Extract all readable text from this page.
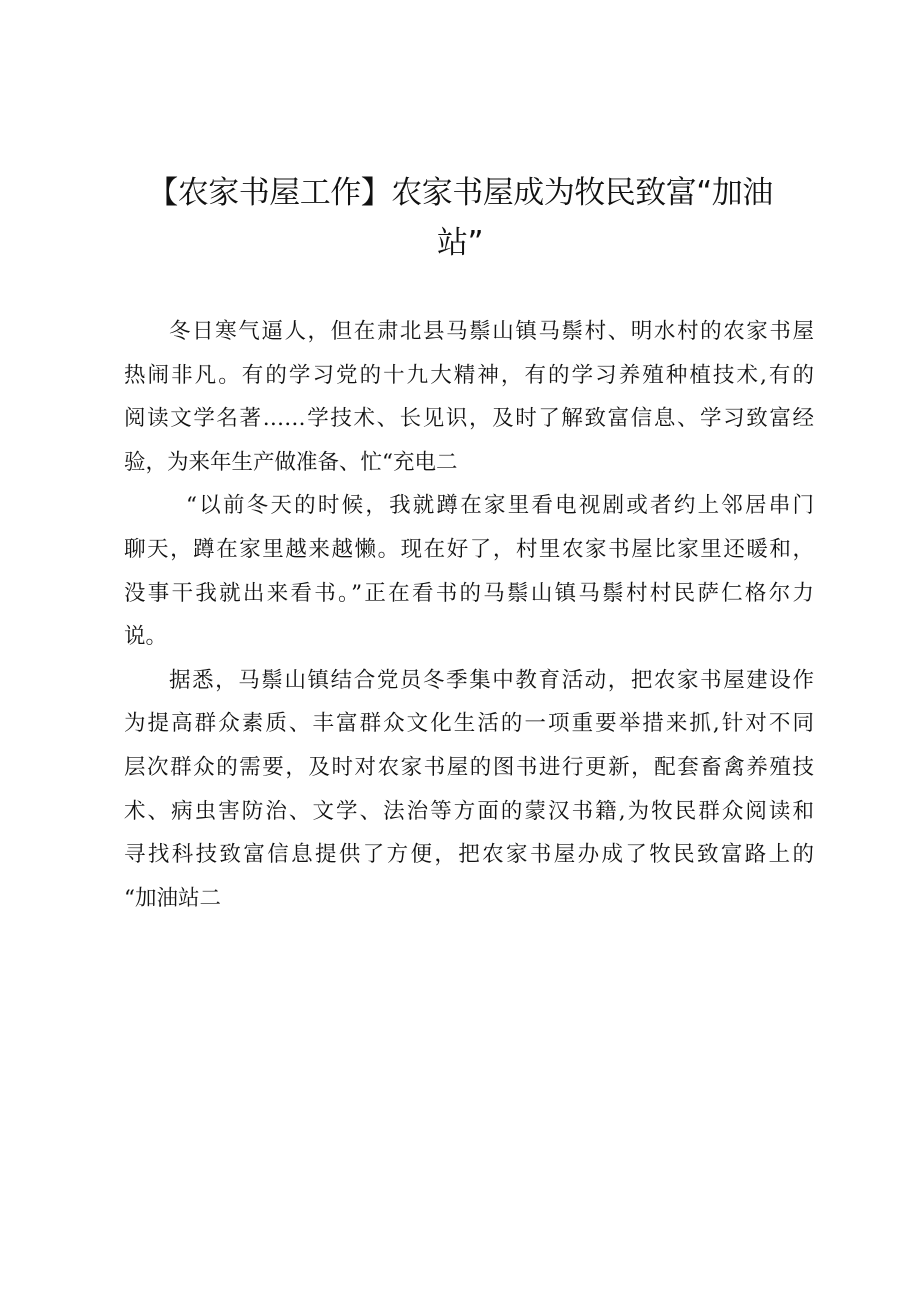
【农家书屋工作】农家书屋成为牧民致富“加油
站”
冬日寒气逼人，但在肃北县马鬃山镇马鬃村、明水村的农家书屋
热闹非凡。有的学习党的十九大精神，有的学习养殖种植技术,有的
阅读文学名著……学技术、长见识，及时了解致富信息、学习致富经
验，为来年生产做准备、忙“充电二
“以前冬天的时候，我就蹲在家里看电视剧或者约上邻居串门
聊天，蹲在家里越来越懒。现在好了，村里农家书屋比家里还暖和，
没事干我就出来看书。”正在看书的马鬃山镇马鬃村村民萨仁格尔力
说。
据悉，马鬃山镇结合党员冬季集中教育活动，把农家书屋建设作
为提高群众素质、丰富群众文化生活的一项重要举措来抓,针对不同
层次群众的需要，及时对农家书屋的图书进行更新，配套畜禽养殖技
术、病虫害防治、文学、法治等方面的蒙汉书籍,为牧民群众阅读和
寻找科技致富信息提供了方便，把农家书屋办成了牧民致富路上的
“加油站二
